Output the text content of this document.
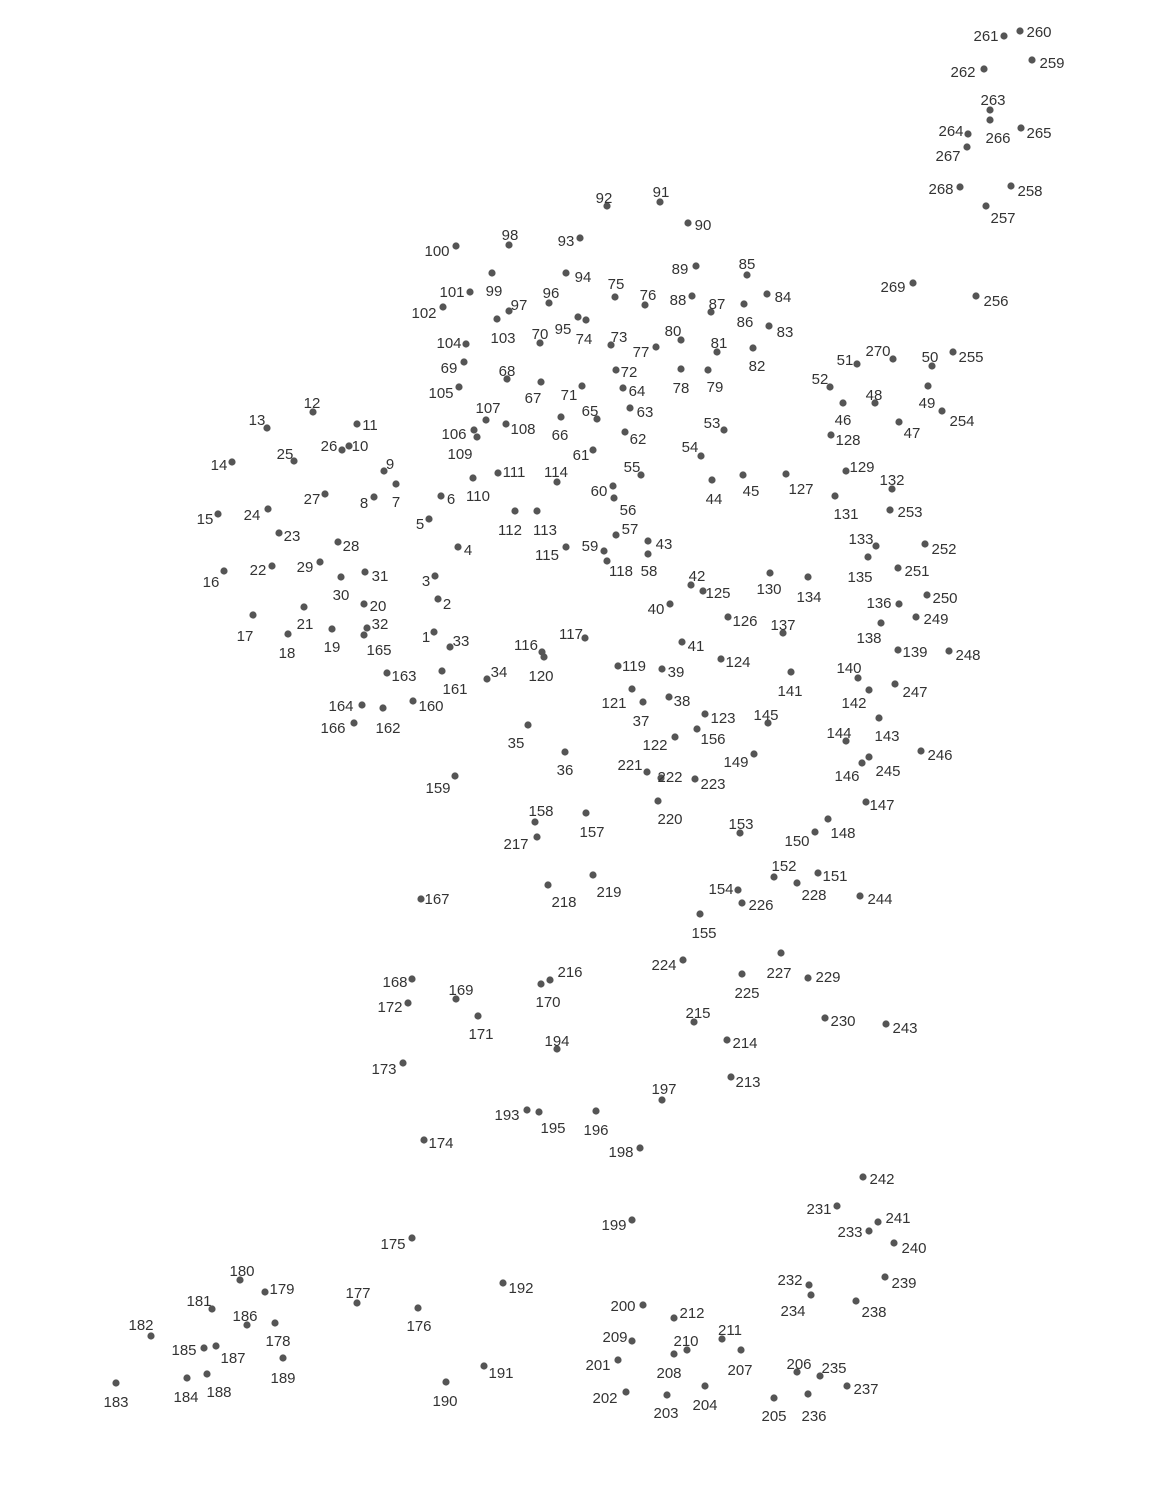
1
2
3
4
5
6
7
8
9
10
11
12
13
14
15
16
17
18 19
20
21
22
23
24
25 26
27
28
29
30
31
32
33
34
35
36
37
38
39
40
41
42
43
44 45
46
47
48 49
50
51
52
53
54
55
56
57
58
59
60
61
62
63
64
65
66
67
68
69
70
71
72
73
74
75
76
77
78 79
80
81
82
83
84
85
86
87
88
89
90
91
92
93
94
95
96
97
98
99
100
101
102
103
104
105
106
107
108
109
110
111
112 113
114
115
116
117
118
119
120
121
122
123
124
125
126
127
128
129
130
131
132
133
134
135
136
137
138
139
140
141
142
143
144
145
146
147
148
149
150
151
152
153
154
155
156
157
158
159
160
161
162
163
164
165
166
167
168	169
170
171
172
173
174
175
176
177
178
179
180
181
182
183	184
185
186
187
188
189
190
191
192
193
194
195 196
197
198
199
200
201
202
203 204
205
206
207
208
209	210
211
212
213
214
215
216
217
218
219
220
221
222 223
224
225
226
227
228
229
230
231
232
233
234
235
236
237
238
239
240
241
242
243
244
245
246
247
248
249
250
251
252
253
254
255
256
257
258
259
260
261
262
263
264	265
266
267
268
269
270
